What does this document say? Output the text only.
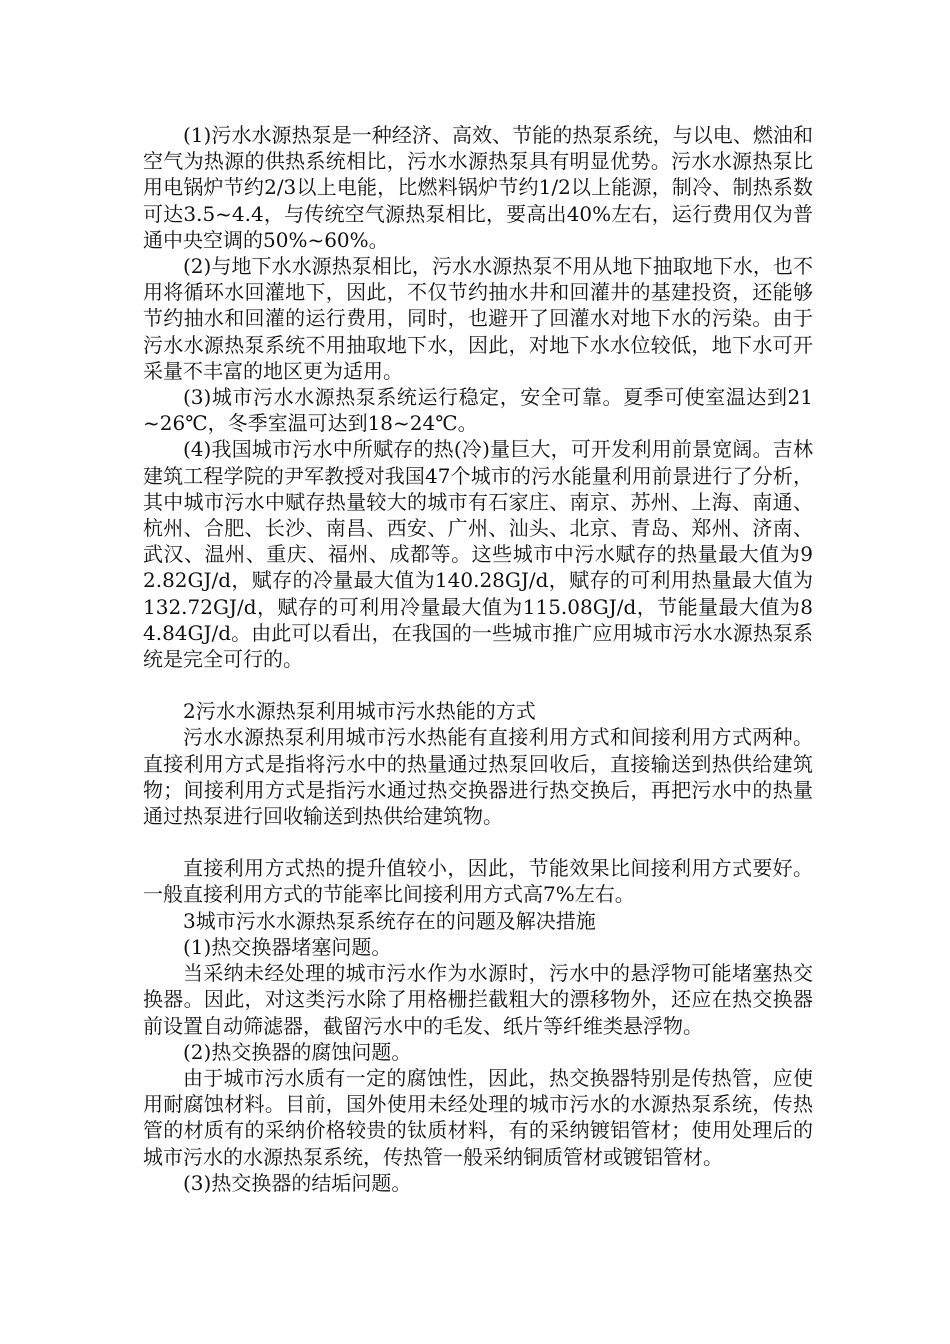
(1)污水水源热泵是一种经济、高效、节能的热泵系统，与以电、燃油和空气为热源的供热系统相比，污水水源热泵具有明显优势。污水水源热泵比用电锅炉节约2/3以上电能，比燃料锅炉节约1/2以上能源，制冷、制热系数可达3.5~4.4，与传统空气源热泵相比，要高出40%左右，运行费用仅为普通中央空调的50%~60%。

(2)与地下水水源热泵相比，污水水源热泵不用从地下抽取地下水，也不用将循环水回灌地下，因此，不仅节约抽水井和回灌井的基建投资，还能够节约抽水和回灌的运行费用，同时，也避开了回灌水对地下水的污染。由于污水水源热泵系统不用抽取地下水，因此，对地下水水位较低，地下水可开采量不丰富的地区更为适用。

(3)城市污水水源热泵系统运行稳定，安全可靠。夏季可使室温达到21~26℃，冬季室温可达到18~24℃。

(4)我国城市污水中所赋存的热(冷)量巨大，可开发利用前景宽阔。吉林建筑工程学院的尹军教授对我国47个城市的污水能量利用前景进行了分析，其中城市污水中赋存热量较大的城市有石家庄、南京、苏州、上海、南通、杭州、合肥、长沙、南昌、西安、广州、汕头、北京、青岛、郑州、济南、武汉、温州、重庆、福州、成都等。这些城市中污水赋存的热量最大值为92.82GJ/d，赋存的冷量最大值为140.28GJ/d，赋存的可利用热量最大值为132.72GJ/d，赋存的可利用冷量最大值为115.08GJ/d，节能量最大值为84.84GJ/d。由此可以看出，在我国的一些城市推广应用城市污水水源热泵系统是完全可行的。

2污水水源热泵利用城市污水热能的方式

污水水源热泵利用城市污水热能有直接利用方式和间接利用方式两种。直接利用方式是指将污水中的热量通过热泵回收后，直接输送到热供给建筑物；间接利用方式是指污水通过热交换器进行热交换后，再把污水中的热量通过热泵进行回收输送到热供给建筑物。

直接利用方式热的提升值较小，因此，节能效果比间接利用方式要好。一般直接利用方式的节能率比间接利用方式高7%左右。

3城市污水水源热泵系统存在的问题及解决措施

(1)热交换器堵塞问题。

当采纳未经处理的城市污水作为水源时，污水中的悬浮物可能堵塞热交换器。因此，对这类污水除了用格栅拦截粗大的漂移物外，还应在热交换器前设置自动筛滤器，截留污水中的毛发、纸片等纤维类悬浮物。

(2)热交换器的腐蚀问题。

由于城市污水质有一定的腐蚀性，因此，热交换器特别是传热管，应使用耐腐蚀材料。目前，国外使用未经处理的城市污水的水源热泵系统，传热管的材质有的采纳价格较贵的钛质材料，有的采纳镀铝管材；使用处理后的城市污水的水源热泵系统，传热管一般采纳铜质管材或镀铝管材。

(3)热交换器的结垢问题。
